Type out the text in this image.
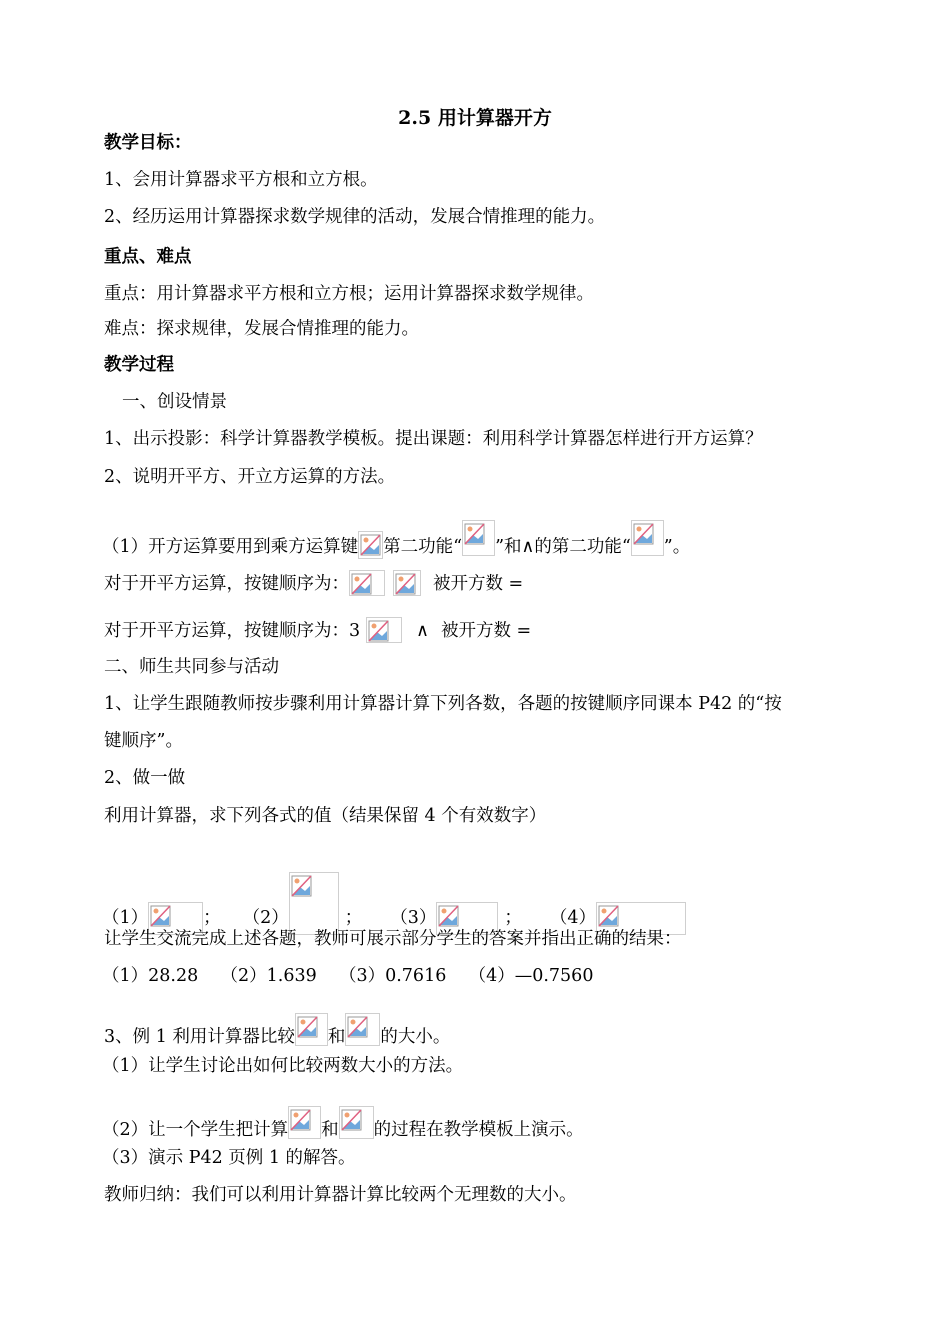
2.5 用计算器开方
教学目标：
1、会用计算器求平方根和立方根。
2、经历运用计算器探求数学规律的活动，发展合情推理的能力。
重点、难点
重点：用计算器求平方根和立方根；运用计算器探求数学规律。
难点：探求规律，发展合情推理的能力。
教学过程
一、创设情景
1、出示投影：科学计算器教学模板。提出课题：利用科学计算器怎样进行开方运算？
2、说明开平方、开立方运算的方法。
（1）开方运算要用到乘方运算键 第二功能“ ”和∧的第二功能“ ”。
对于开平方运算，按键顺序为：	被开方数 =
对于开平方运算，按键顺序为：3	∧ 被开方数 =
二、师生共同参与活动
1、让学生跟随教师按步骤利用计算器计算下列各数，各题的按键顺序同课本 P42 的“按
键顺序”。
2、做一做
利用计算器，求下列各式的值（结果保留 4 个有效数字）
（1）	； （2）	； （3）	； （4）
让学生交流完成上述各题，教师可展示部分学生的答案并指出正确的结果：
（1）28.28    （2）1.639    （3）0.7616    （4）—0.7560
3、例 1 利用计算器比较 和 的大小。
（1）让学生讨论出如何比较两数大小的方法。
（2）让一个学生把计算 和 的过程在教学模板上演示。
（3）演示 P42 页例 1 的解答。
教师归纳：我们可以利用计算器计算比较两个无理数的大小。
